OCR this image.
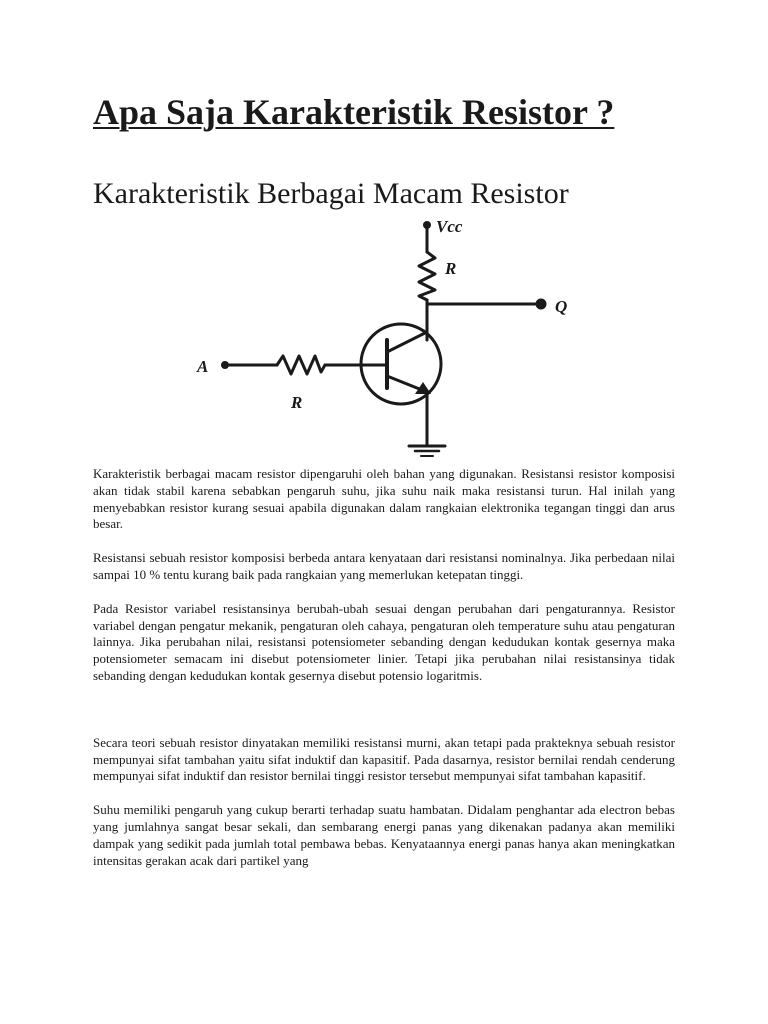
Apa Saja Karakteristik Resistor ?
Karakteristik Berbagai Macam Resistor
Vcc
R
Q
A
R

Karakteristik berbagai macam resistor dipengaruhi oleh bahan yang digunakan. Resistansi resistor komposisi akan tidak stabil karena sebabkan pengaruh suhu, jika suhu naik maka resistansi turun. Hal inilah yang menyebabkan resistor kurang sesuai apabila digunakan dalam rangkaian elektronika tegangan tinggi dan arus besar.

Resistansi sebuah resistor komposisi berbeda antara kenyataan dari resistansi nominalnya. Jika perbedaan nilai sampai 10 % tentu kurang baik pada rangkaian yang memerlukan ketepatan tinggi.

Pada Resistor variabel resistansinya berubah-ubah sesuai dengan perubahan dari pengaturannya. Resistor variabel dengan pengatur mekanik, pengaturan oleh cahaya, pengaturan oleh temperature suhu atau pengaturan lainnya. Jika perubahan nilai, resistansi potensiometer sebanding dengan kedudukan kontak gesernya maka potensiometer semacam ini disebut potensiometer linier. Tetapi jika perubahan nilai resistansinya tidak sebanding dengan kedudukan kontak gesernya disebut potensio logaritmis.

Secara teori sebuah resistor dinyatakan memiliki resistansi murni, akan tetapi pada prakteknya sebuah resistor mempunyai sifat tambahan yaitu sifat induktif dan kapasitif. Pada dasarnya, resistor bernilai rendah cenderung mempunyai sifat induktif dan resistor bernilai tinggi resistor tersebut mempunyai sifat tambahan kapasitif.

Suhu memiliki pengaruh yang cukup berarti terhadap suatu hambatan. Didalam penghantar ada electron bebas yang jumlahnya sangat besar sekali, dan sembarang energi panas yang dikenakan padanya akan memiliki dampak yang sedikit pada jumlah total pembawa bebas. Kenyataannya energi panas hanya akan meningkatkan intensitas gerakan acak dari partikel yang
